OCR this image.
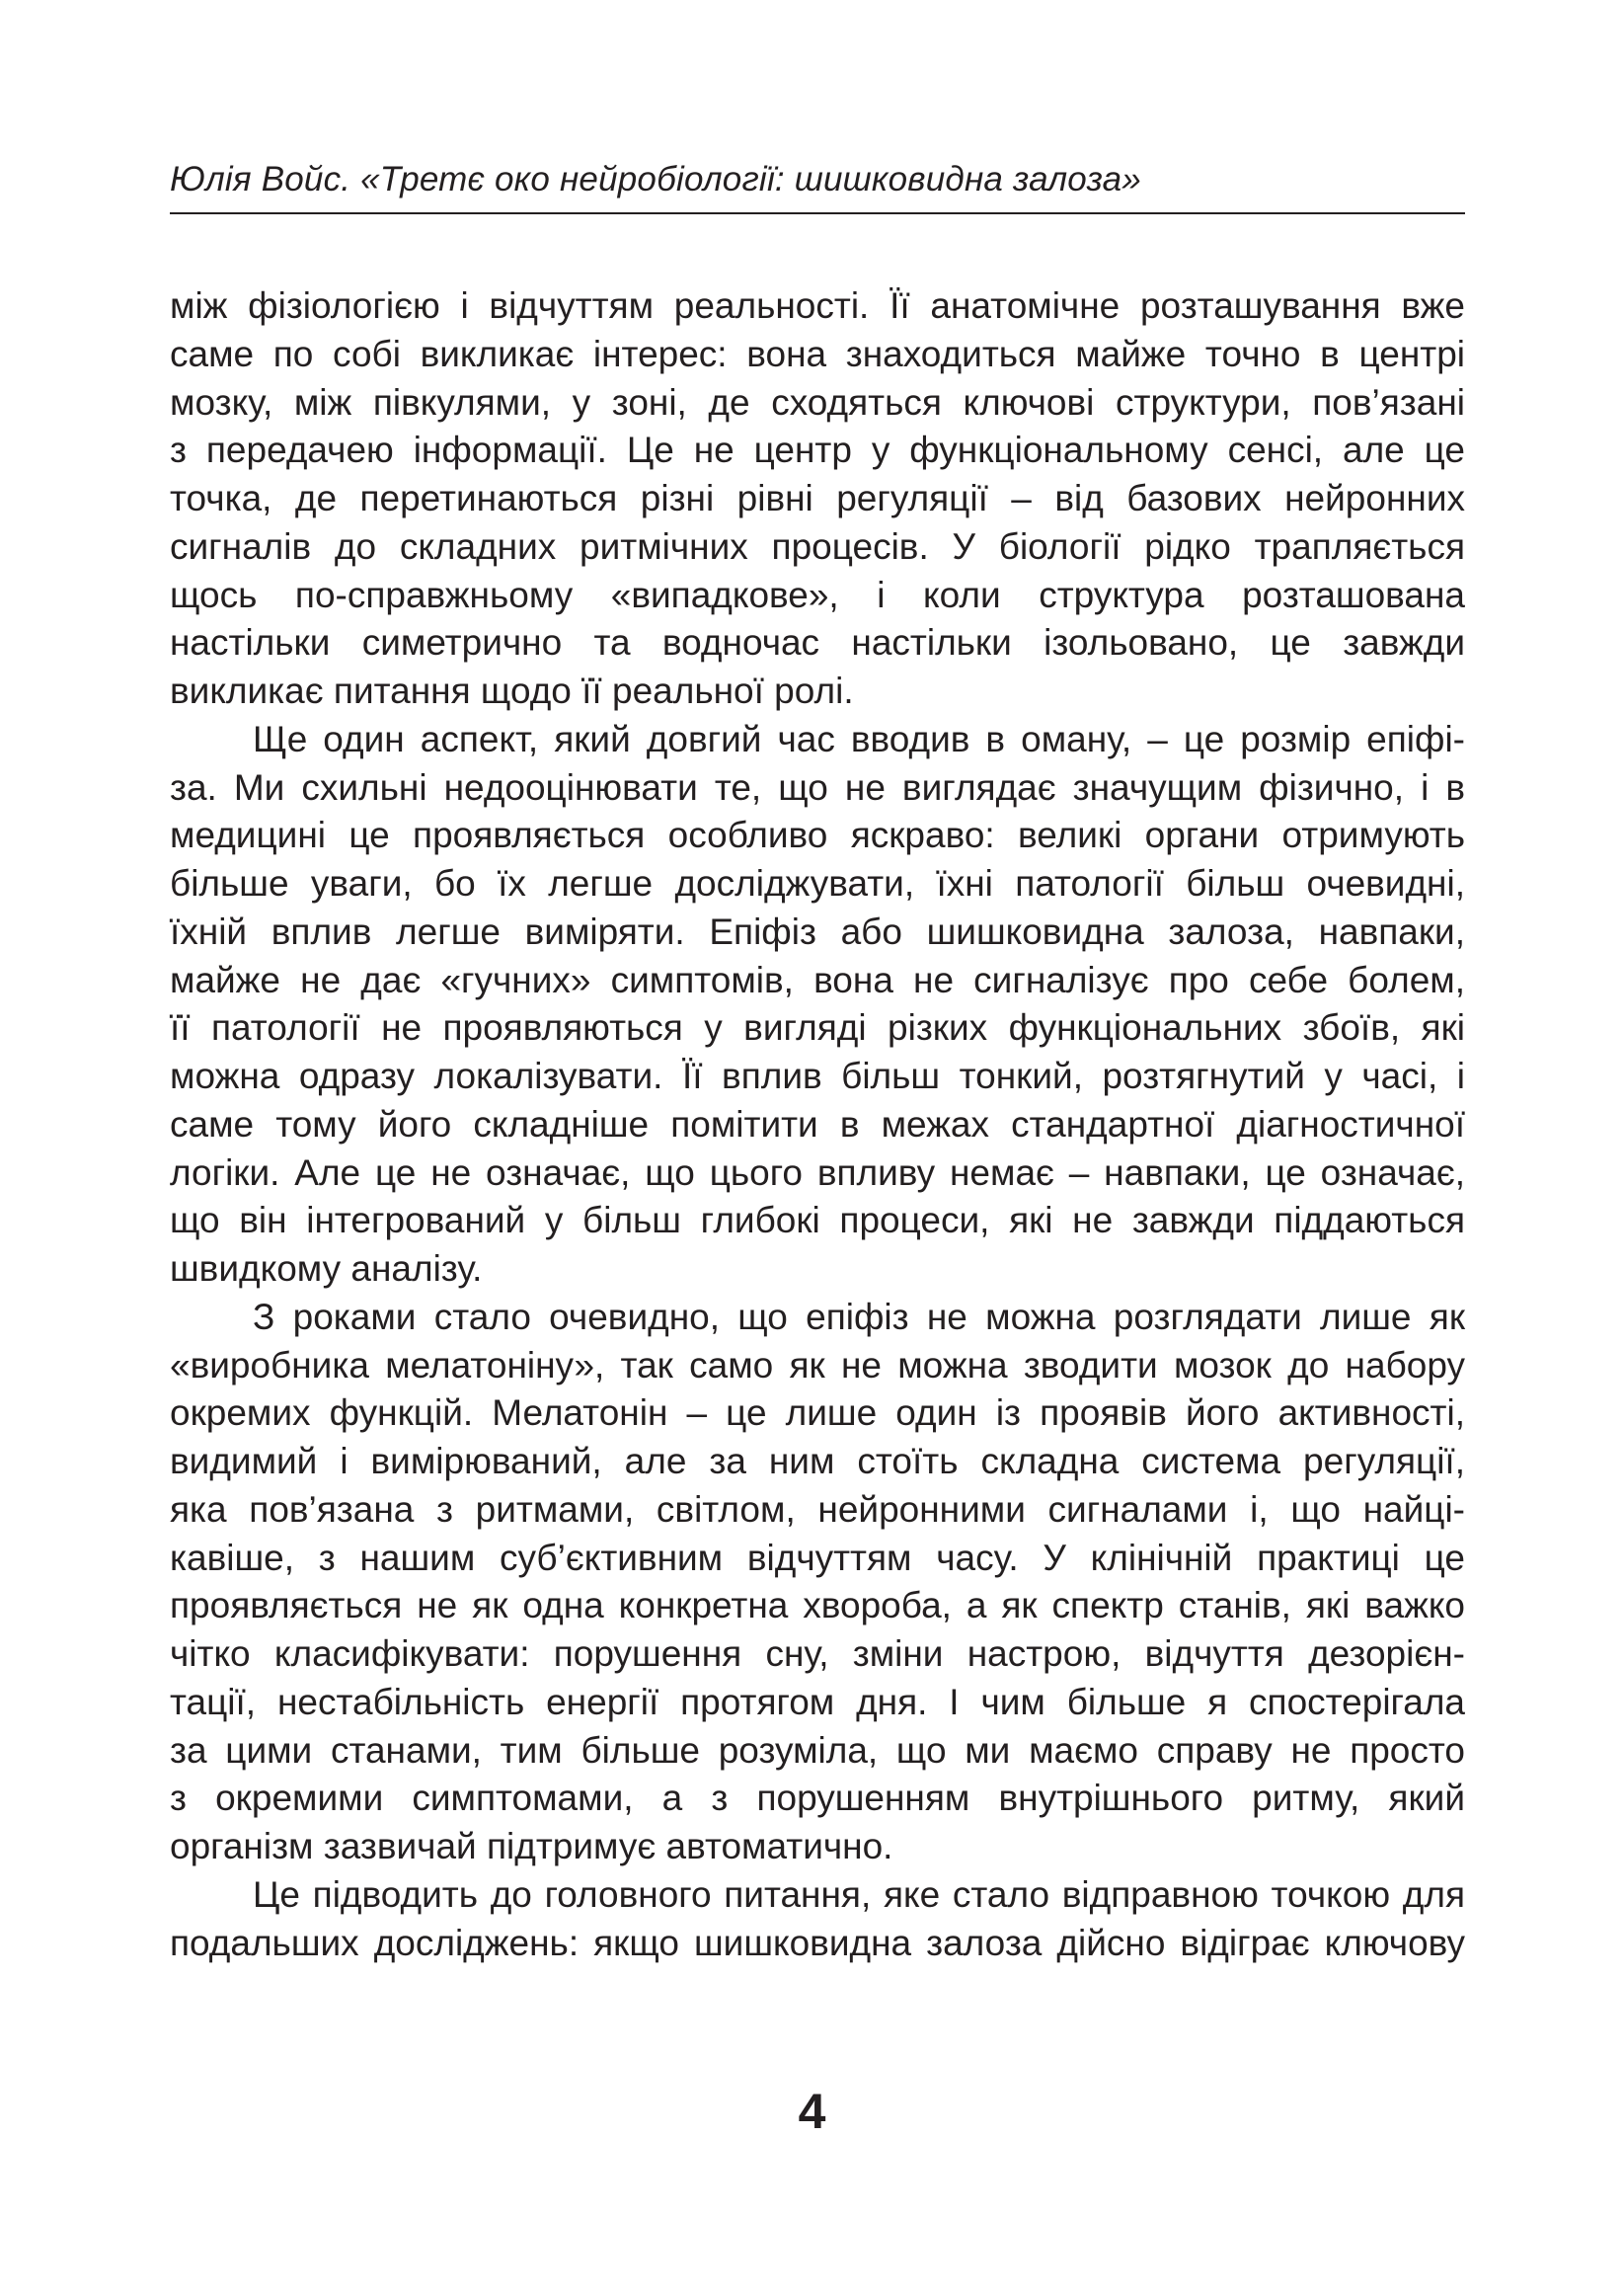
Юлія Войс. «Третє око нейробіології: шишковидна залоза»
між фізіологією і відчуттям реальності. Її анатомічне розташування вже
саме по собі викликає інтерес: вона знаходиться майже точно в центрі
мозку, між півкулями, у зоні, де сходяться ключові структури, пов’язані
з передачею інформації. Це не центр у функціональному сенсі, але це
точка, де перетинаються різні рівні регуляції – від базових нейронних
сигналів до складних ритмічних процесів. У біології рідко трапляється
щось по-справжньому «випадкове», і коли структура розташована
настільки симетрично та водночас настільки ізольовано, це завжди
викликає питання щодо її реальної ролі.
Ще один аспект, який довгий час вводив в оману, – це розмір епіфі-
за. Ми схильні недооцінювати те, що не виглядає значущим фізично, і в
медицині це проявляється особливо яскраво: великі органи отримують
більше уваги, бо їх легше досліджувати, їхні патології більш очевидні,
їхній вплив легше виміряти. Епіфіз або шишковидна залоза, навпаки,
майже не дає «гучних» симптомів, вона не сигналізує про себе болем,
її патології не проявляються у вигляді різких функціональних збоїв, які
можна одразу локалізувати. Її вплив більш тонкий, розтягнутий у часі, і
саме тому його складніше помітити в межах стандартної діагностичної
логіки. Але це не означає, що цього впливу немає – навпаки, це означає,
що він інтегрований у більш глибокі процеси, які не завжди піддаються
швидкому аналізу.
З роками стало очевидно, що епіфіз не можна розглядати лише як
«виробника мелатоніну», так само як не можна зводити мозок до набору
окремих функцій. Мелатонін – це лише один із проявів його активності,
видимий і вимірюваний, але за ним стоїть складна система регуляції,
яка пов’язана з ритмами, світлом, нейронними сигналами і, що найці-
кавіше, з нашим суб’єктивним відчуттям часу. У клінічній практиці це
проявляється не як одна конкретна хвороба, а як спектр станів, які важко
чітко класифікувати: порушення сну, зміни настрою, відчуття дезорієн-
тації, нестабільність енергії протягом дня. І чим більше я спостерігала
за цими станами, тим більше розуміла, що ми маємо справу не просто
з окремими симптомами, а з порушенням внутрішнього ритму, який
організм зазвичай підтримує автоматично.
Це підводить до головного питання, яке стало відправною точкою для
подальших досліджень: якщо шишковидна залоза дійсно відіграє ключову
4
